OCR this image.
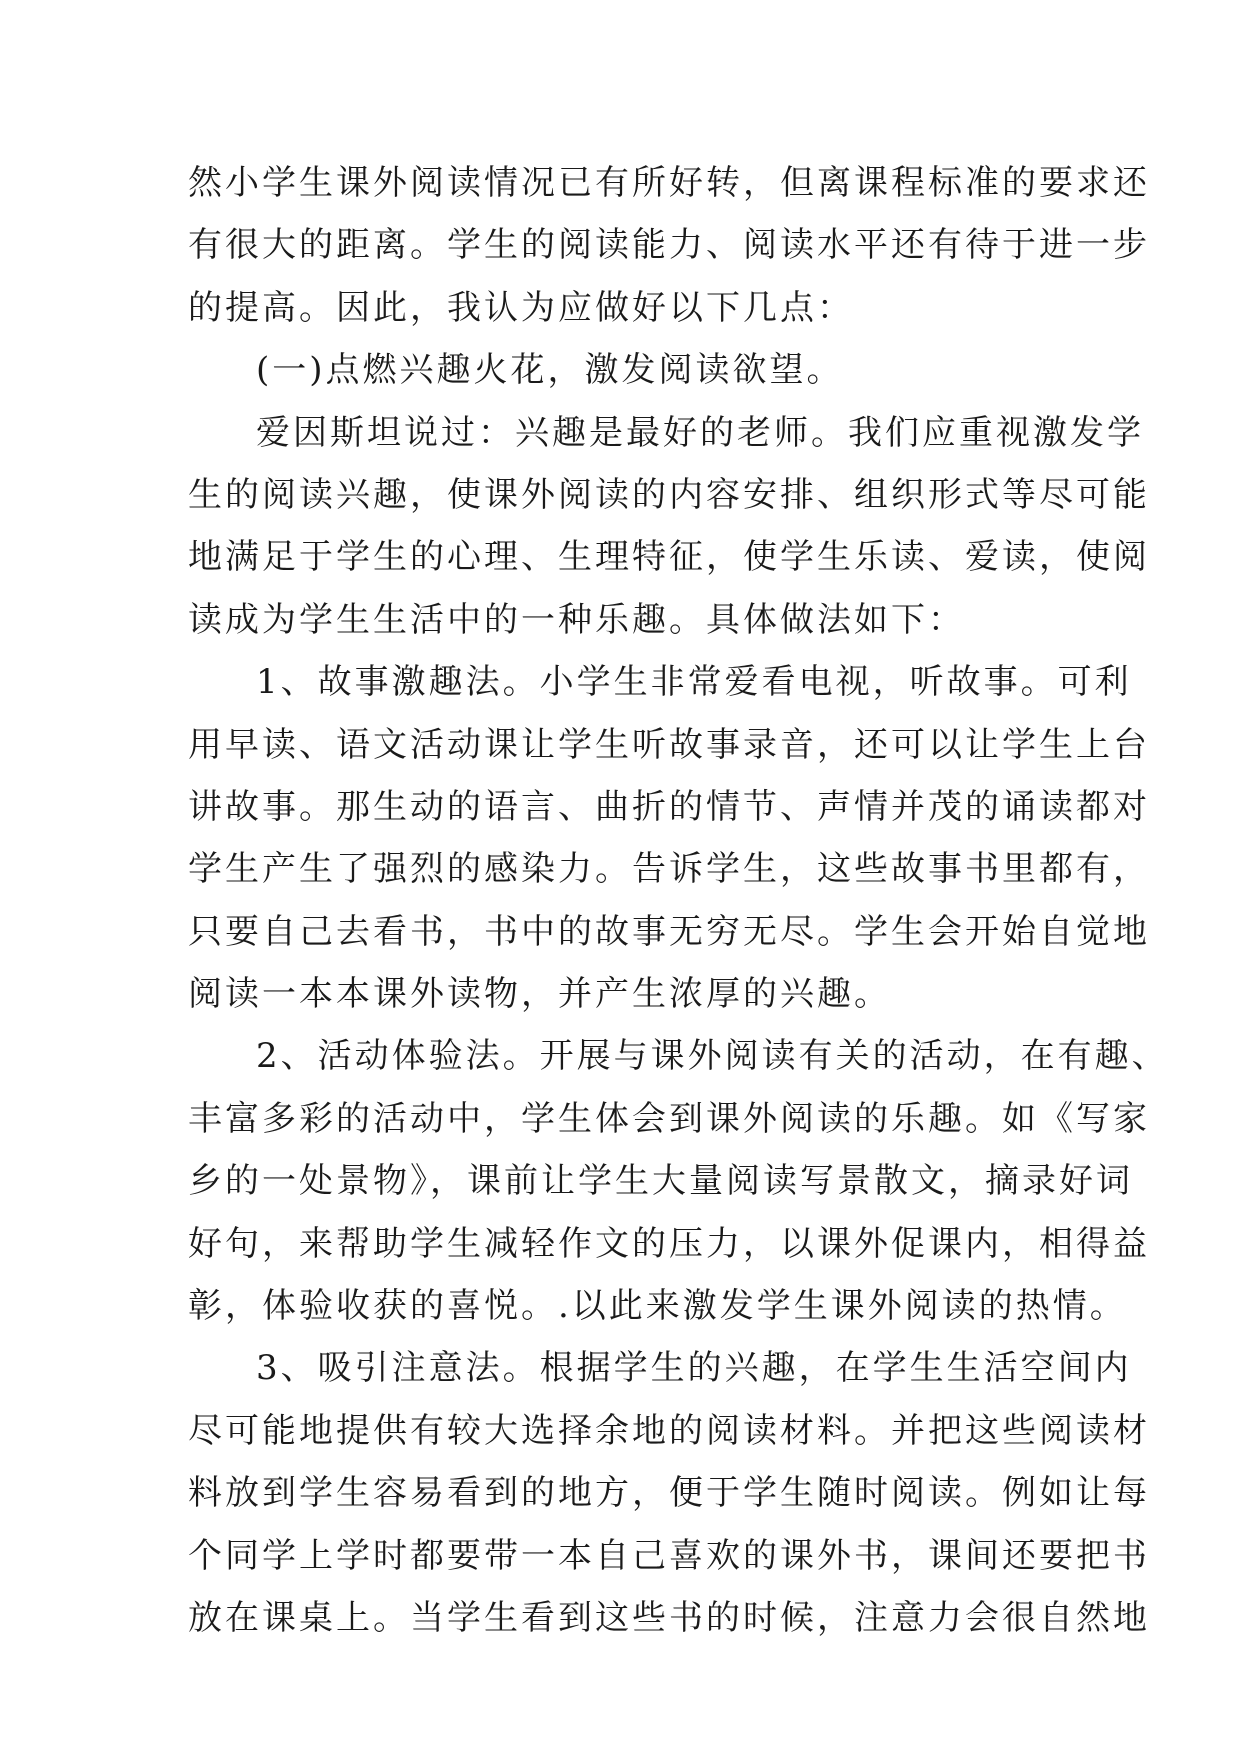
然小学生课外阅读情况已有所好转，但离课程标准的要求还
有很大的距离。学生的阅读能力、阅读水平还有待于进一步
的提高。因此，我认为应做好以下几点：
(一)点燃兴趣火花，激发阅读欲望。
爱因斯坦说过：兴趣是最好的老师。我们应重视激发学
生的阅读兴趣，使课外阅读的内容安排、组织形式等尽可能
地满足于学生的心理、生理特征，使学生乐读、爱读，使阅
读成为学生生活中的一种乐趣。具体做法如下：
1、故事激趣法。小学生非常爱看电视，听故事。可利
用早读、语文活动课让学生听故事录音，还可以让学生上台
讲故事。那生动的语言、曲折的情节、声情并茂的诵读都对
学生产生了强烈的感染力。告诉学生，这些故事书里都有，
只要自己去看书，书中的故事无穷无尽。学生会开始自觉地
阅读一本本课外读物，并产生浓厚的兴趣。
2、活动体验法。开展与课外阅读有关的活动，在有趣、
丰富多彩的活动中，学生体会到课外阅读的乐趣。如《写家
乡的一处景物》，课前让学生大量阅读写景散文，摘录好词
好句，来帮助学生减轻作文的压力，以课外促课内，相得益
彰，体验收获的喜悦。.以此来激发学生课外阅读的热情。
3、吸引注意法。根据学生的兴趣，在学生生活空间内
尽可能地提供有较大选择余地的阅读材料。并把这些阅读材
料放到学生容易看到的地方，便于学生随时阅读。例如让每
个同学上学时都要带一本自己喜欢的课外书，课间还要把书
放在课桌上。当学生看到这些书的时候，注意力会很自然地
